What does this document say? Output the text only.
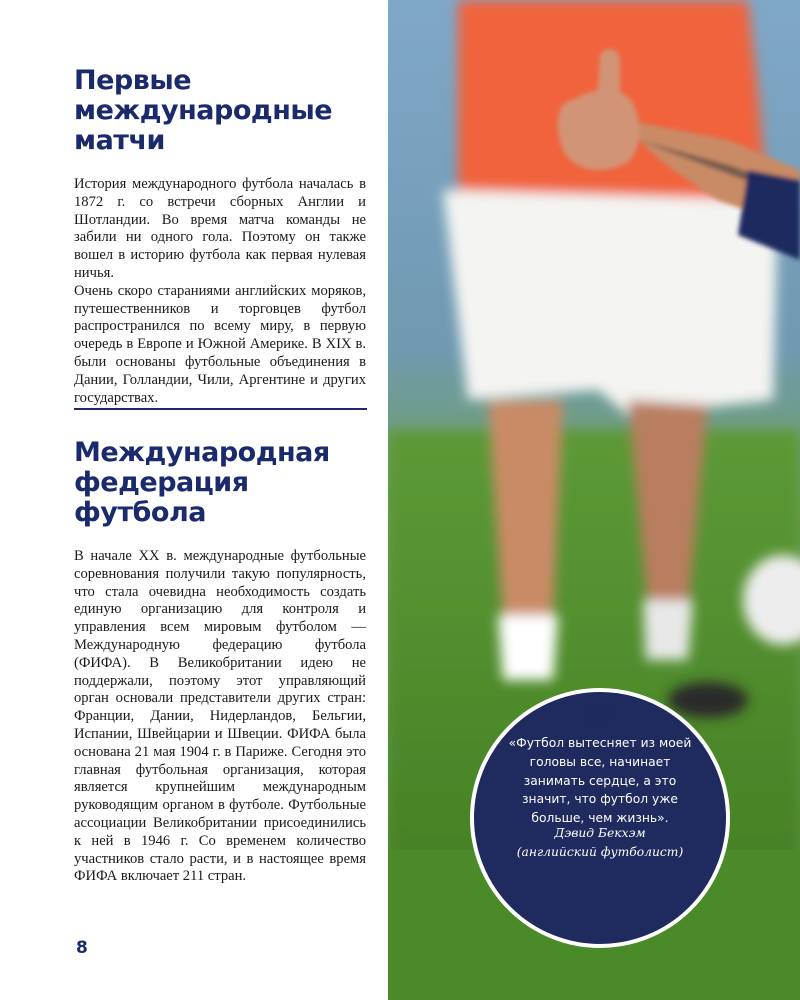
Первые
международные
матчи

История международного футбола началась в 1872 г. со встречи сборных Англии и Шотландии. Во время матча команды не забили ни одного гола. Поэтому он также вошел в историю футбола как первая нулевая ничья.

Очень скоро стараниями английских моряков, путешественников и торговцев футбол распространился по всему миру, в первую очередь в Европе и Южной Америке. В XIX в. были основаны футбольные объединения в Дании, Голландии, Чили, Аргентине и других государствах.

Международная
федерация
футбола

В начале XX в. международные футбольные соревнования получили такую популярность, что стала очевидна необходимость создать единую организацию для контроля и управления всем мировым футболом — Международную федерацию футбола (ФИФА). В Великобритании идею не поддержали, поэтому этот управляющий орган основали представители других стран: Франции, Дании, Нидерландов, Бельгии, Испании, Швейцарии и Швеции. ФИФА была основана 21 мая 1904 г. в Париже. Сегодня это главная футбольная организация, которая является крупнейшим международным руководящим органом в футболе. Футбольные ассоциации Великобритании присоединились к ней в 1946 г. Со временем количество участников стало расти, и в настоящее время ФИФА включает 211 стран.

8
„
«Футбол вытесняет из моей головы все, начинает занимать сердце, а это значит, что футбол уже больше, чем жизнь».
Дэвид Бекхэм
(английский футболист)
